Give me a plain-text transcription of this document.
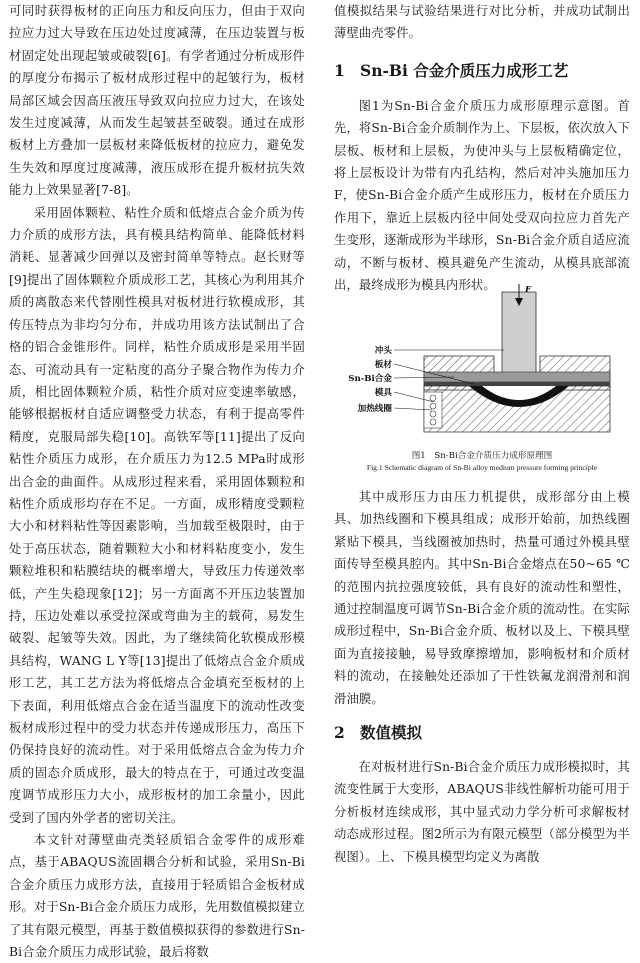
可同时获得板材的正向压力和反向压力，但由于双向拉应力过大导致在压边处过度减薄，在压边装置与板材固定处出现起皱或破裂[6]。有学者通过分析成形件的厚度分布揭示了板材成形过程中的起皱行为，板材局部区域会因高压液压导致双向拉应力过大，在该处发生过度减薄，从而发生起皱甚至破裂。通过在成形板材上方叠加一层板材来降低板材的拉应力，避免发生失效和厚度过度减薄，液压成形在提升板材抗失效能力上效果显著[7-8]。

采用固体颗粒、粘性介质和低熔点合金介质为传力介质的成形方法，具有模具结构简单、能降低材料消耗、显著减少回弹以及密封简单等特点。赵长财等[9]提出了固体颗粒介质成形工艺，其核心为利用其介质的离散态来代替刚性模具对板材进行软模成形，其传压特点为非均匀分布，并成功用该方法试制出了合格的铝合金锥形件。同样，粘性介质成形是采用半固态、可流动具有一定粘度的高分子聚合物作为传力介质，相比固体颗粒介质，粘性介质对应变速率敏感，能够根据板材自适应调整受力状态，有利于提高零件精度，克服局部失稳[10]。高铁军等[11]提出了反向粘性介质压力成形，在介质压力为12.5 MPa时成形出合金的曲面件。从成形过程来看，采用固体颗粒和粘性介质成形均存在不足。一方面，成形精度受颗粒大小和材料粘性等因素影响，当加载至极限时，由于处于高压状态，随着颗粒大小和材料粘度变小，发生颗粒堆积和粘膜结块的概率增大，导致压力传递效率低，产生失稳现象[12]；另一方面离不开压边装置加持，压边处难以承受拉深或弯曲为主的载荷，易发生破裂、起皱等失效。因此，为了继续简化软模成形模具结构，WANG L Y等[13]提出了低熔点合金介质成形工艺，其工艺方法为将低熔点合金填充至板材的上下表面，利用低熔点合金在适当温度下的流动性改变板材成形过程中的受力状态并传递成形压力，高压下仍保持良好的流动性。对于采用低熔点合金为传力介质的固态介质成形，最大的特点在于，可通过改变温度调节成形压力大小，成形板材的加工余量小，因此受到了国内外学者的密切关注。

本文针对薄壁曲壳类轻质铝合金零件的成形难点，基于ABAQUS流固耦合分析和试验，采用Sn-Bi合金介质压力成形方法，直接用于轻质铝合金板材成形。对于Sn-Bi合金介质压力成形，先用数值模拟建立了其有限元模型，再基于数值模拟获得的参数进行Sn-Bi合金介质压力成形试验，最后将数

值模拟结果与试验结果进行对比分析，并成功试制出薄壁曲壳零件。

1 Sn-Bi 合金介质压力成形工艺

图1为Sn-Bi合金介质压力成形原理示意图。首先，将Sn-Bi合金介质制作为上、下层板，依次放入下层板、板材和上层板，为使冲头与上层板精确定位，将上层板设计为带有内孔结构，然后对冲头施加压力F，使Sn-Bi合金介质产生成形压力，板材在介质压力作用下，靠近上层板内径中间处受双向拉应力首先产生变形，逐渐成形为半球形，Sn-Bi合金介质自适应流动，不断与板材、模具避免产生流动，从模具底部流出，最终成形为模具内形状。	F
冲头
板材
Sn-Bi合金
模具
加热线圈
图1　Sn-Bi合金介质压力成形原理图
Fig.1 Schematic diagram of Sn-Bi alloy medium pressure forming principle

其中成形压力由压力机提供，成形部分由上模具、加热线圈和下模具组成；成形开始前，加热线圈紧贴下模具，当线圈被加热时，热量可通过外模具壁面传导至模具腔内。其中Sn-Bi合金熔点在50~65 ℃的范围内抗拉强度较低，具有良好的流动性和塑性，通过控制温度可调节Sn-Bi合金介质的流动性。在实际成形过程中，Sn-Bi合金介质、板材以及上、下模具壁面为直接接触，易导致摩擦增加，影响板材和介质材料的流动，在接触处还添加了干性铁氟龙润滑剂和润滑油膜。

2 数值模拟

在对板材进行Sn-Bi合金介质压力成形模拟时，其流变性属于大变形，ABAQUS非线性解析功能可用于分析板材连续成形，其中显式动力学分析可求解板材动态成形过程。图2所示为有限元模型（部分模型为半视图）。上、下模具模型均定义为离散
